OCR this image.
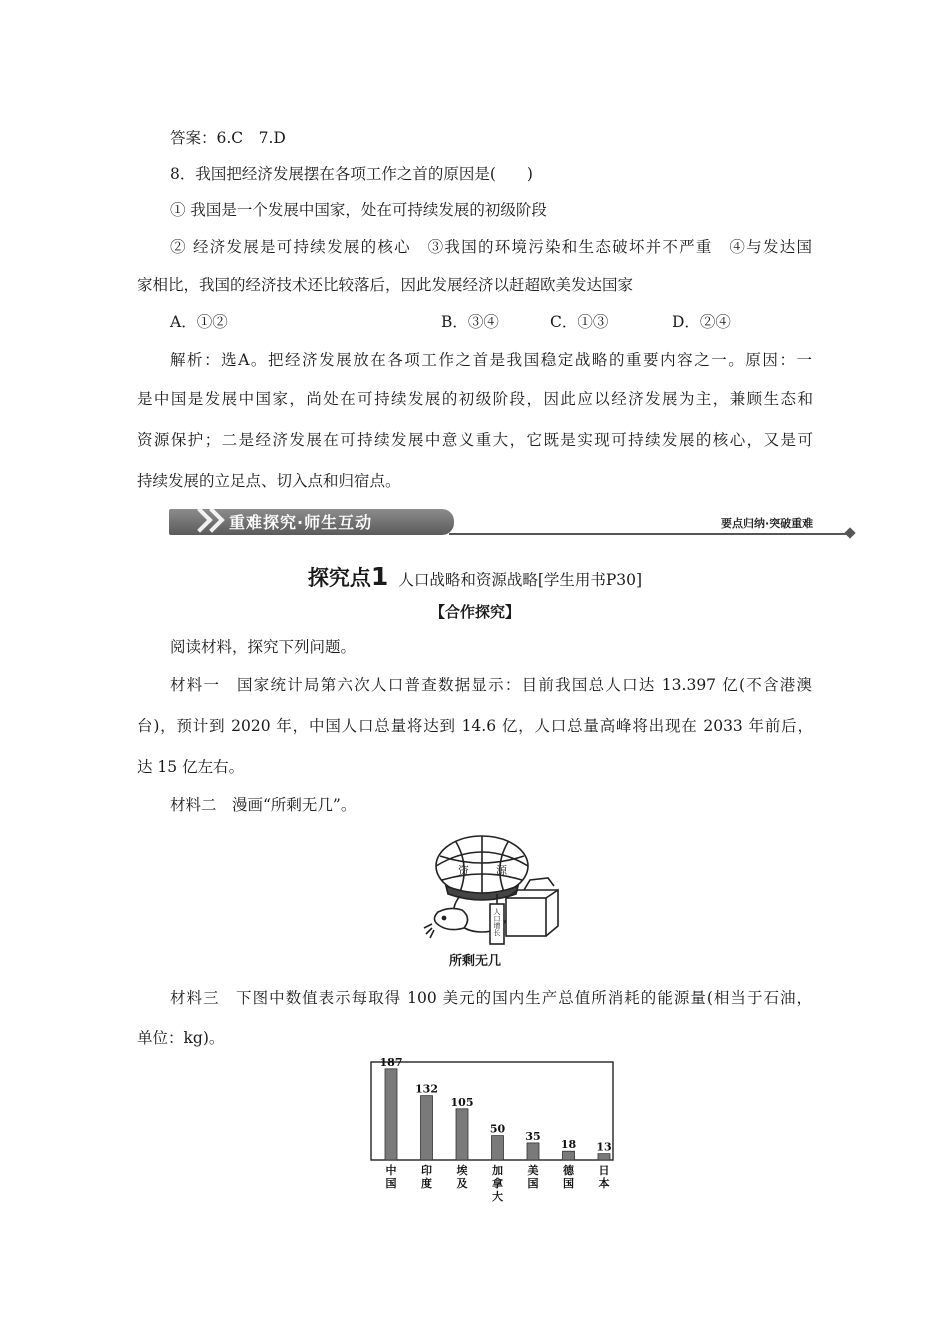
答案：6.C　7.D
8．我国把经济发展摆在各项工作之首的原因是(　　)
① 我国是一个发展中国家，处在可持续发展的初级阶段
② 经济发展是可持续发展的核心　③我国的环境污染和生态破坏并不严重　④与发达国
家相比，我国的经济技术还比较落后，因此发展经济以赶超欧美发达国家
A．①②	B．③④	C．①③	D．②④
解析：选A。把经济发展放在各项工作之首是我国稳定战略的重要内容之一。原因：一
是中国是发展中国家，尚处在可持续发展的初级阶段，因此应以经济发展为主，兼顾生态和
资源保护；二是经济发展在可持续发展中意义重大，它既是实现可持续发展的核心，又是可
持续发展的立足点、切入点和归宿点。
重难探究·师生互动	要点归纳·突破重难
探究点1 人口战略和资源战略[学生用书P30]
【合作探究】
阅读材料，探究下列问题。
材料一　国家统计局第六次人口普查数据显示：目前我国总人口达 13.397 亿(不含港澳
台)，预计到 2020 年，中国人口总量将达到 14.6 亿，人口总量高峰将出现在 2033 年前后，
达 15 亿左右。
材料二　漫画“所剩无几”。
资 源
人口增长
所剩无几
材料三　下图中数值表示每取得 100 美元的国内生产总值所消耗的能源量(相当于石油，
单位：kg)。
187
中
国
132
印
度
105
埃
及
50
加
拿
大
35
美
国
18
德
国
13
日
本
